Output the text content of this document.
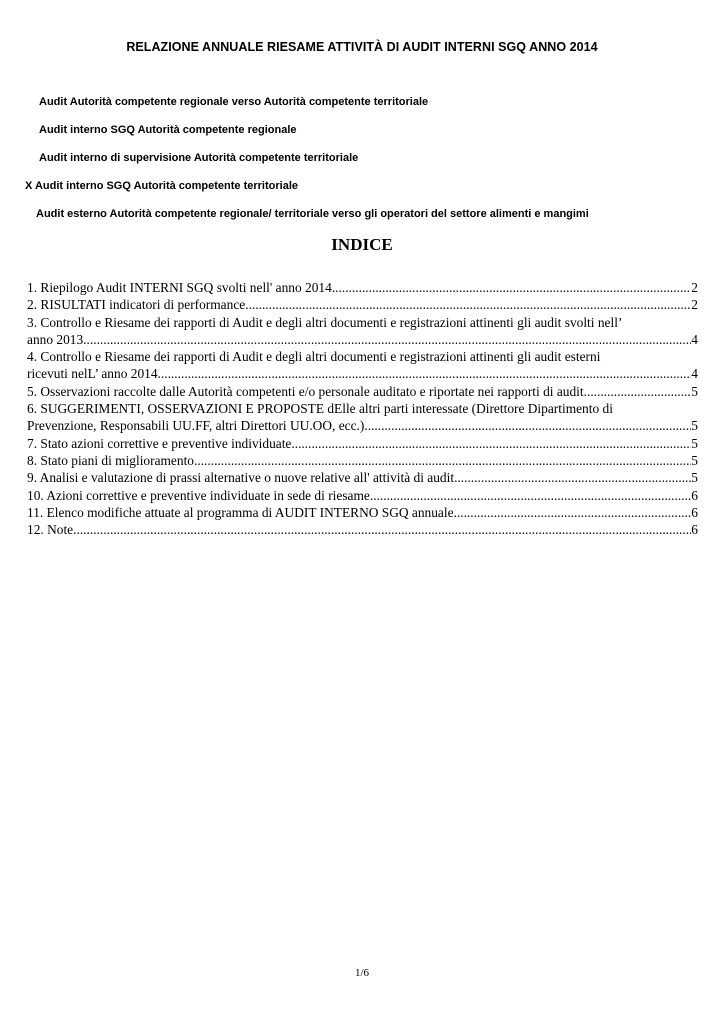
RELAZIONE ANNUALE RIESAME ATTIVITÀ DI AUDIT INTERNI SGQ ANNO 2014
Audit Autorità competente regionale verso Autorità competente territoriale
Audit interno SGQ Autorità competente regionale
Audit interno di supervisione Autorità competente territoriale
X Audit interno SGQ Autorità competente territoriale
Audit esterno Autorità competente regionale/ territoriale verso gli operatori del settore alimenti e mangimi
INDICE
1. Riepilogo Audit INTERNI SGQ svolti nell' anno 2014 .....	2
2. RISULTATI indicatori di performance .....	2
3. Controllo e Riesame dei rapporti di Audit e degli altri documenti e registrazioni attinenti gli audit svolti nell’
anno 2013 .....	4
4. Controllo e Riesame dei rapporti di Audit e degli altri documenti e registrazioni attinenti gli audit esterni
ricevuti nelL’ anno 2014 .....	4
5. Osservazioni raccolte dalle Autorità competenti e/o personale auditato e riportate nei rapporti di audit .....	5
6. SUGGERIMENTI, OSSERVAZIONI E PROPOSTE dElle altri parti interessate (Direttore Dipartimento di
Prevenzione, Responsabili UU.FF, altri Direttori UU.OO, ecc.) .....	5
7. Stato azioni correttive e preventive individuate .....	5
8. Stato piani di miglioramento .....	5
9. Analisi e valutazione di prassi alternative o nuove relative all' attività di audit .....	5
10. Azioni correttive e preventive individuate in sede di riesame .....	6
11. Elenco modifiche attuate al programma di AUDIT INTERNO SGQ annuale .....	6
12. Note .....	6
1/6
